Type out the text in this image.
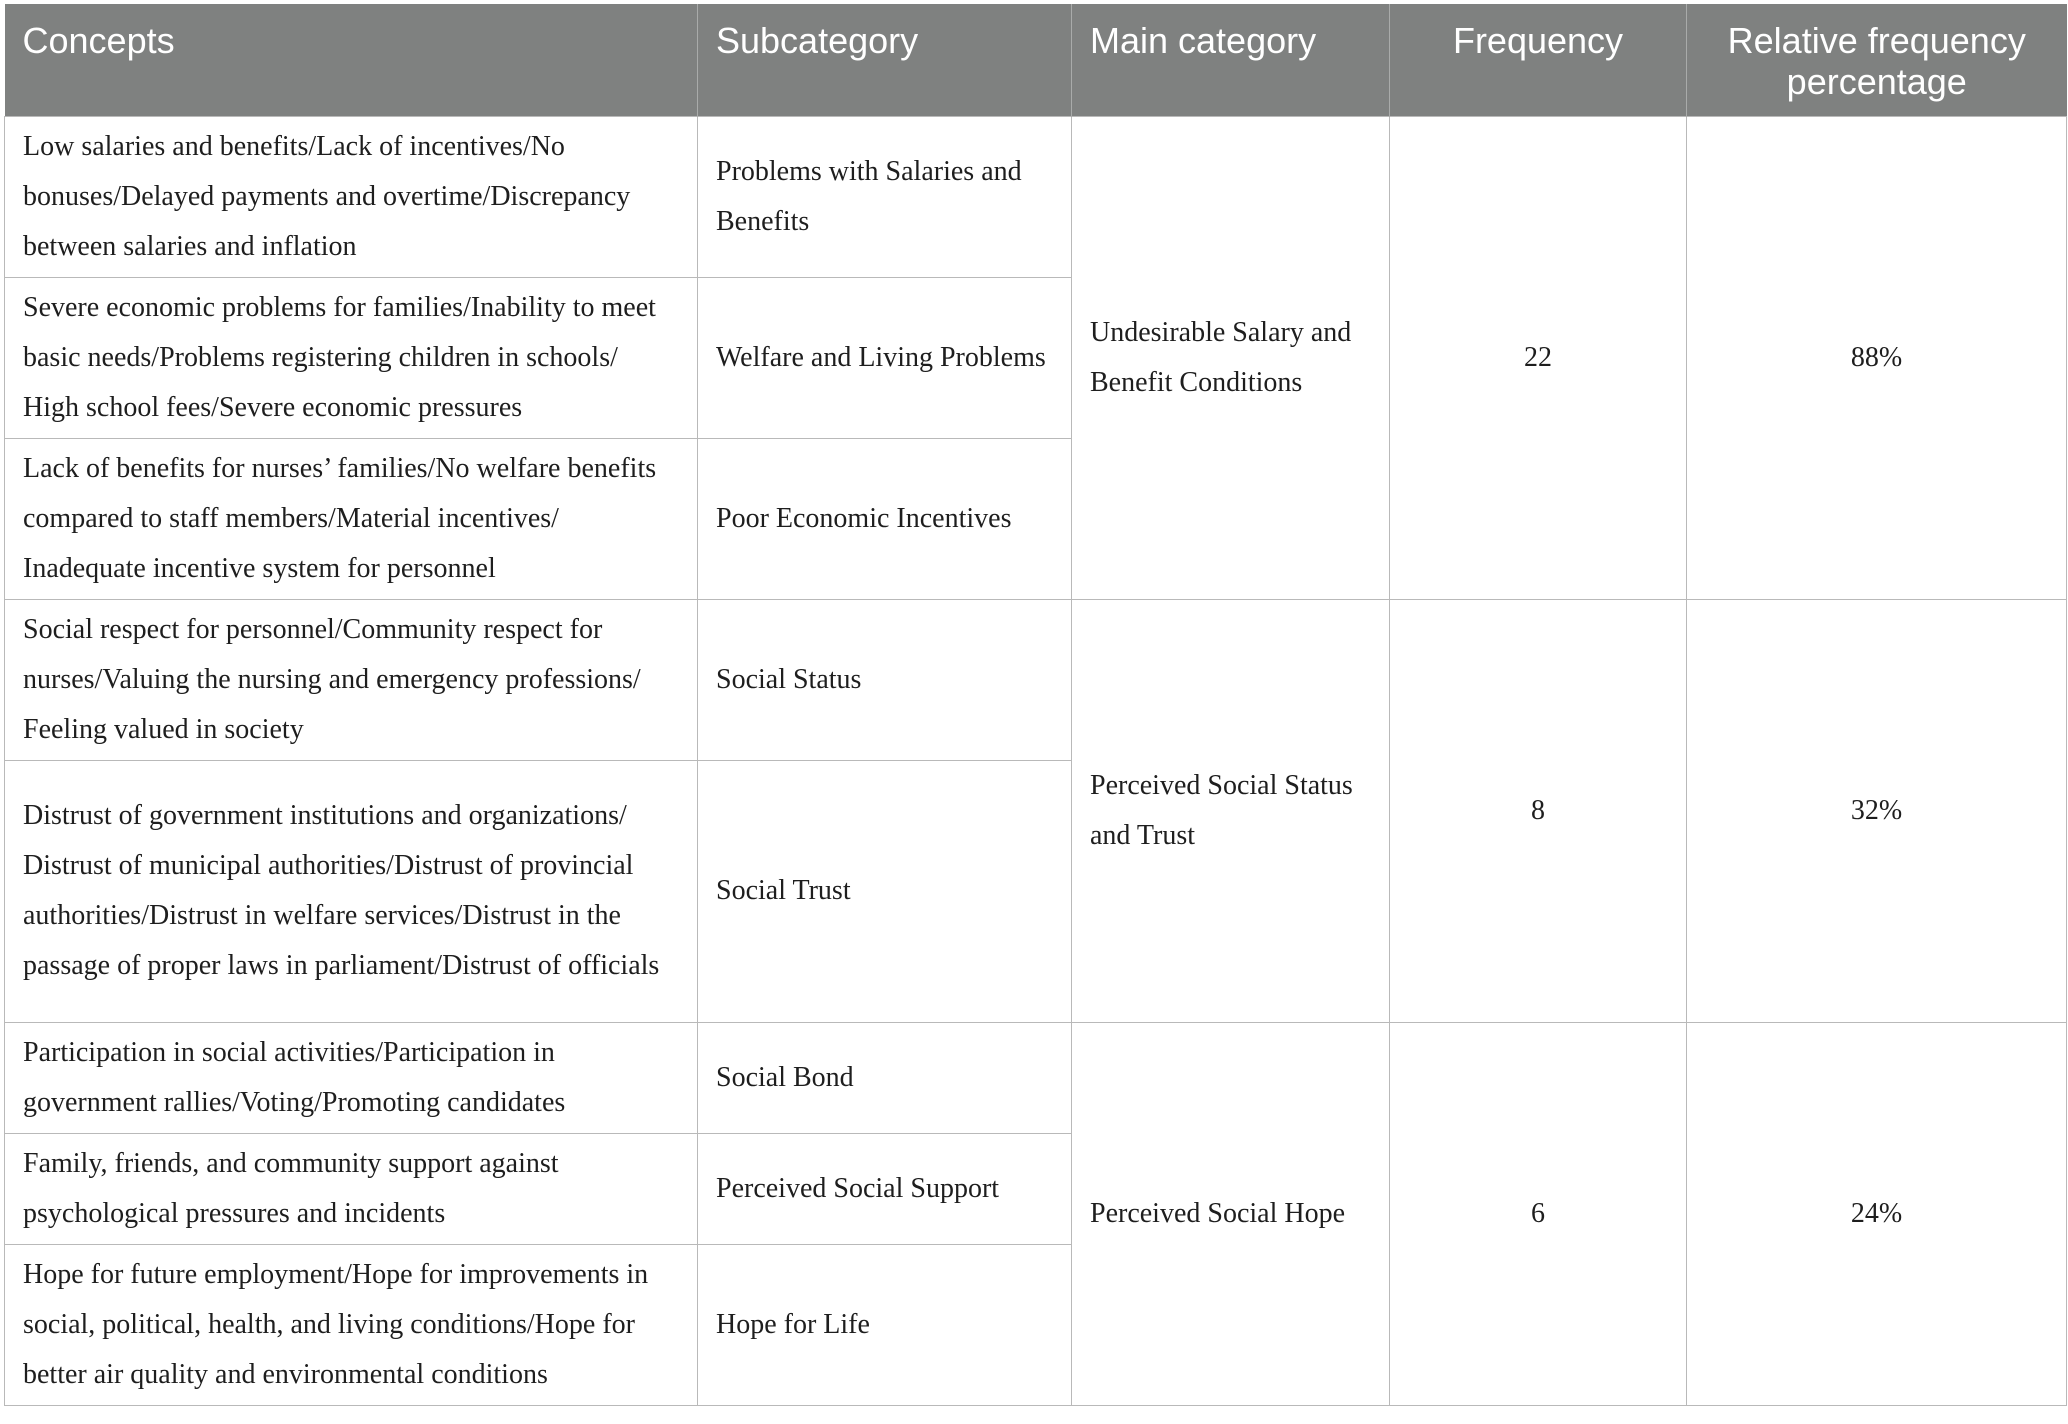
Concepts	Subcategory	Main category	Frequency	Relative frequency percentage
Low salaries and benefits/Lack of incentives/No bonuses/Delayed payments and overtime/Discrepancy between salaries and inflation	Problems with Salaries and Benefits	Undesirable Salary and Benefit Conditions	22	88%
Severe economic problems for families/Inability to meet basic needs/Problems registering children in schools/ High school fees/Severe economic pressures	Welfare and Living Problems			
Lack of benefits for nurses’ families/No welfare benefits compared to staff members/Material incentives/ Inadequate incentive system for personnel	Poor Economic Incentives			
Social respect for personnel/Community respect for nurses/Valuing the nursing and emergency professions/ Feeling valued in society	Social Status	Perceived Social Status and Trust	8	32%
Distrust of government institutions and organizations/ Distrust of municipal authorities/Distrust of provincial authorities/Distrust in welfare services/Distrust in the passage of proper laws in parliament/Distrust of officials	Social Trust			
Participation in social activities/Participation in government rallies/Voting/Promoting candidates	Social Bond	Perceived Social Hope	6	24%
Family, friends, and community support against psychological pressures and incidents	Perceived Social Support			
Hope for future employment/Hope for improvements in social, political, health, and living conditions/Hope for better air quality and environmental conditions	Hope for Life			
